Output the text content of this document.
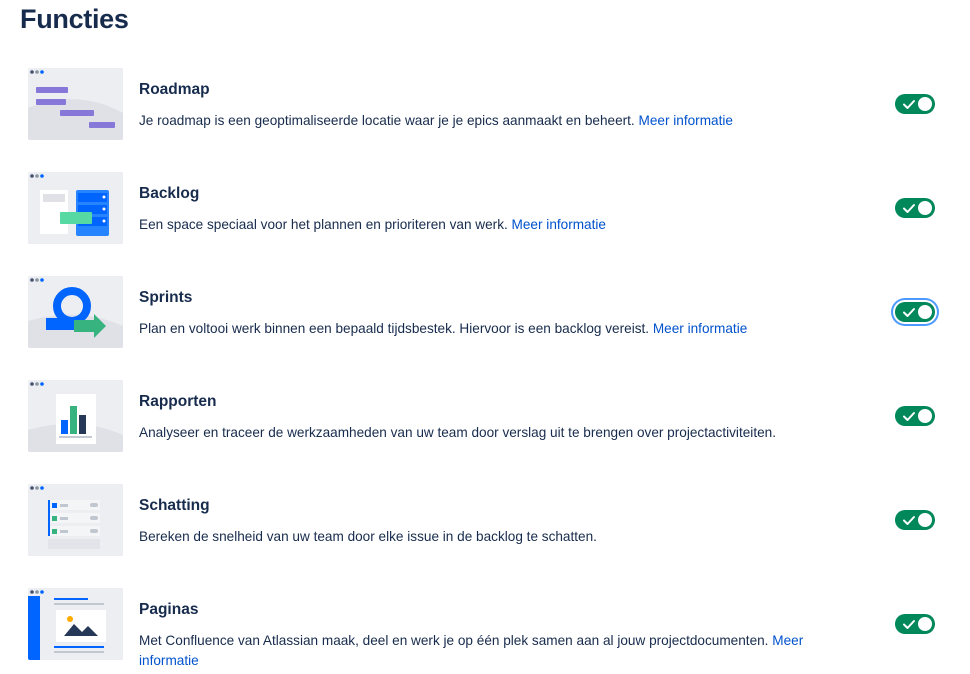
Functies
Roadmap
Je roadmap is een geoptimaliseerde locatie waar je je epics aanmaakt en beheert. Meer informatie
Backlog
Een space speciaal voor het plannen en prioriteren van werk. Meer informatie
Sprints
Plan en voltooi werk binnen een bepaald tijdsbestek. Hiervoor is een backlog vereist. Meer informatie
Rapporten
Analyseer en traceer de werkzaamheden van uw team door verslag uit te brengen over projectactiviteiten.
Schatting
Bereken de snelheid van uw team door elke issue in de backlog te schatten.
Paginas
Met Confluence van Atlassian maak, deel en werk je op één plek samen aan al jouw projectdocumenten. Meer informatie
